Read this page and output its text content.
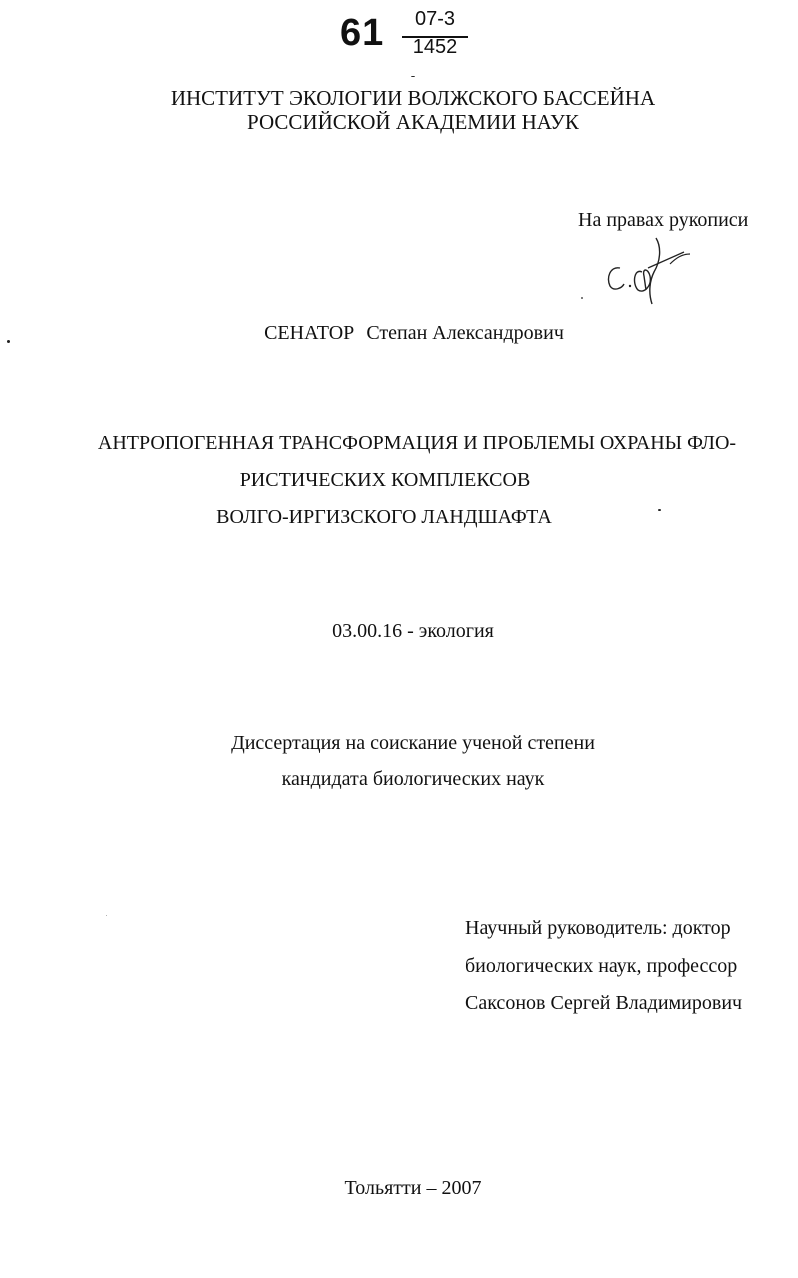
61	07-3
1452
ИНСТИТУТ ЭКОЛОГИИ ВОЛЖСКОГО БАССЕЙНА
РОССИЙСКОЙ АКАДЕМИИ НАУК
На правах рукописи
СЕНАТОР Степан Александрович
АНТРОПОГЕННАЯ ТРАНСФОРМАЦИЯ И ПРОБЛЕМЫ ОХРАНЫ ФЛО-
РИСТИЧЕСКИХ КОМПЛЕКСОВ
ВОЛГО-ИРГИЗСКОГО ЛАНДШАФТА
03.00.16 - экология
Диссертация на соискание ученой степени
кандидата биологических наук
Научный руководитель: доктор
биологических наук, профессор
Саксонов Сергей Владимирович
Тольятти – 2007
